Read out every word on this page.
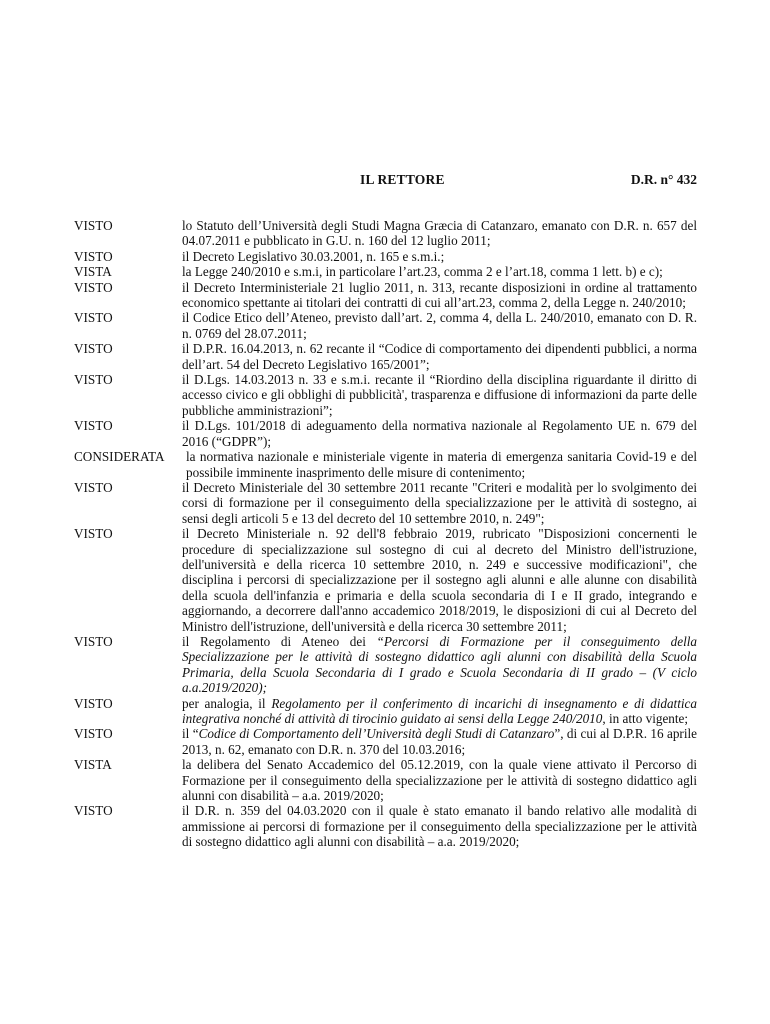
IL RETTORE	D.R. n° 432
VISTO	lo Statuto dell’Università degli Studi Magna Græcia di Catanzaro, emanato con D.R. n. 657 del 04.07.2011 e pubblicato in G.U. n. 160 del 12 luglio 2011;
VISTO	il Decreto Legislativo 30.03.2001, n. 165 e s.m.i.;
VISTA	la Legge 240/2010 e s.m.i, in particolare l’art.23, comma 2 e l’art.18, comma 1 lett. b) e c);
VISTO	il Decreto Interministeriale 21 luglio 2011, n. 313, recante disposizioni in ordine al trattamento economico spettante ai titolari dei contratti di cui all’art.23, comma 2, della Legge n. 240/2010;
VISTO	il Codice Etico dell’Ateneo, previsto dall’art. 2, comma 4, della L. 240/2010, emanato con D. R. n. 0769 del 28.07.2011;
VISTO	il D.P.R. 16.04.2013, n. 62 recante il “Codice di comportamento dei dipendenti pubblici, a norma dell’art. 54 del Decreto Legislativo 165/2001”;
VISTO	il D.Lgs. 14.03.2013 n. 33 e s.m.i. recante il “Riordino della disciplina riguardante il diritto di accesso civico e gli obblighi di pubblicità', trasparenza e diffusione di informazioni da parte delle pubbliche amministrazioni”;
VISTO	il D.Lgs. 101/2018 di adeguamento della normativa nazionale al Regolamento UE n. 679 del 2016 (“GDPR”);
CONSIDERATA	la normativa nazionale e ministeriale vigente in materia di emergenza sanitaria Covid-19 e del possibile imminente inasprimento delle misure di contenimento;
VISTO	il Decreto Ministeriale del 30 settembre 2011 recante "Criteri e modalità per lo svolgimento dei corsi di formazione per il conseguimento della specializzazione per le attività di sostegno, ai sensi degli articoli 5 e 13 del decreto del 10 settembre 2010, n. 249";
VISTO	il Decreto Ministeriale n. 92 dell'8 febbraio 2019, rubricato "Disposizioni concernenti le procedure di specializzazione sul sostegno di cui al decreto del Ministro dell'istruzione, dell'università e della ricerca 10 settembre 2010, n. 249 e successive modificazioni", che disciplina i percorsi di specializzazione per il sostegno agli alunni e alle alunne con disabilità della scuola dell'infanzia e primaria e della scuola secondaria di I e II grado, integrando e aggiornando, a decorrere dall'anno accademico 2018/2019, le disposizioni di cui al Decreto del Ministro dell'istruzione, dell'università e della ricerca 30 settembre 2011;
VISTO	il Regolamento di Ateneo dei “Percorsi di Formazione per il conseguimento della Specializzazione per le attività di sostegno didattico agli alunni con disabilità della Scuola Primaria, della Scuola Secondaria di I grado e Scuola Secondaria di II grado – (V ciclo a.a.2019/2020);
VISTO	per analogia, il Regolamento per il conferimento di incarichi di insegnamento e di didattica integrativa nonché di attività di tirocinio guidato ai sensi della Legge 240/2010, in atto vigente;
VISTO	il “Codice di Comportamento dell’Università degli Studi di Catanzaro”, di cui al D.P.R. 16 aprile 2013, n. 62, emanato con D.R. n. 370 del 10.03.2016;
VISTA	la delibera del Senato Accademico del 05.12.2019, con la quale viene attivato il Percorso di Formazione per il conseguimento della specializzazione per le attività di sostegno didattico agli alunni con disabilità – a.a. 2019/2020;
VISTO	il D.R. n. 359 del 04.03.2020 con il quale è stato emanato il bando relativo alle modalità di ammissione ai percorsi di formazione per il conseguimento della specializzazione per le attività di sostegno didattico agli alunni con disabilità – a.a. 2019/2020;
